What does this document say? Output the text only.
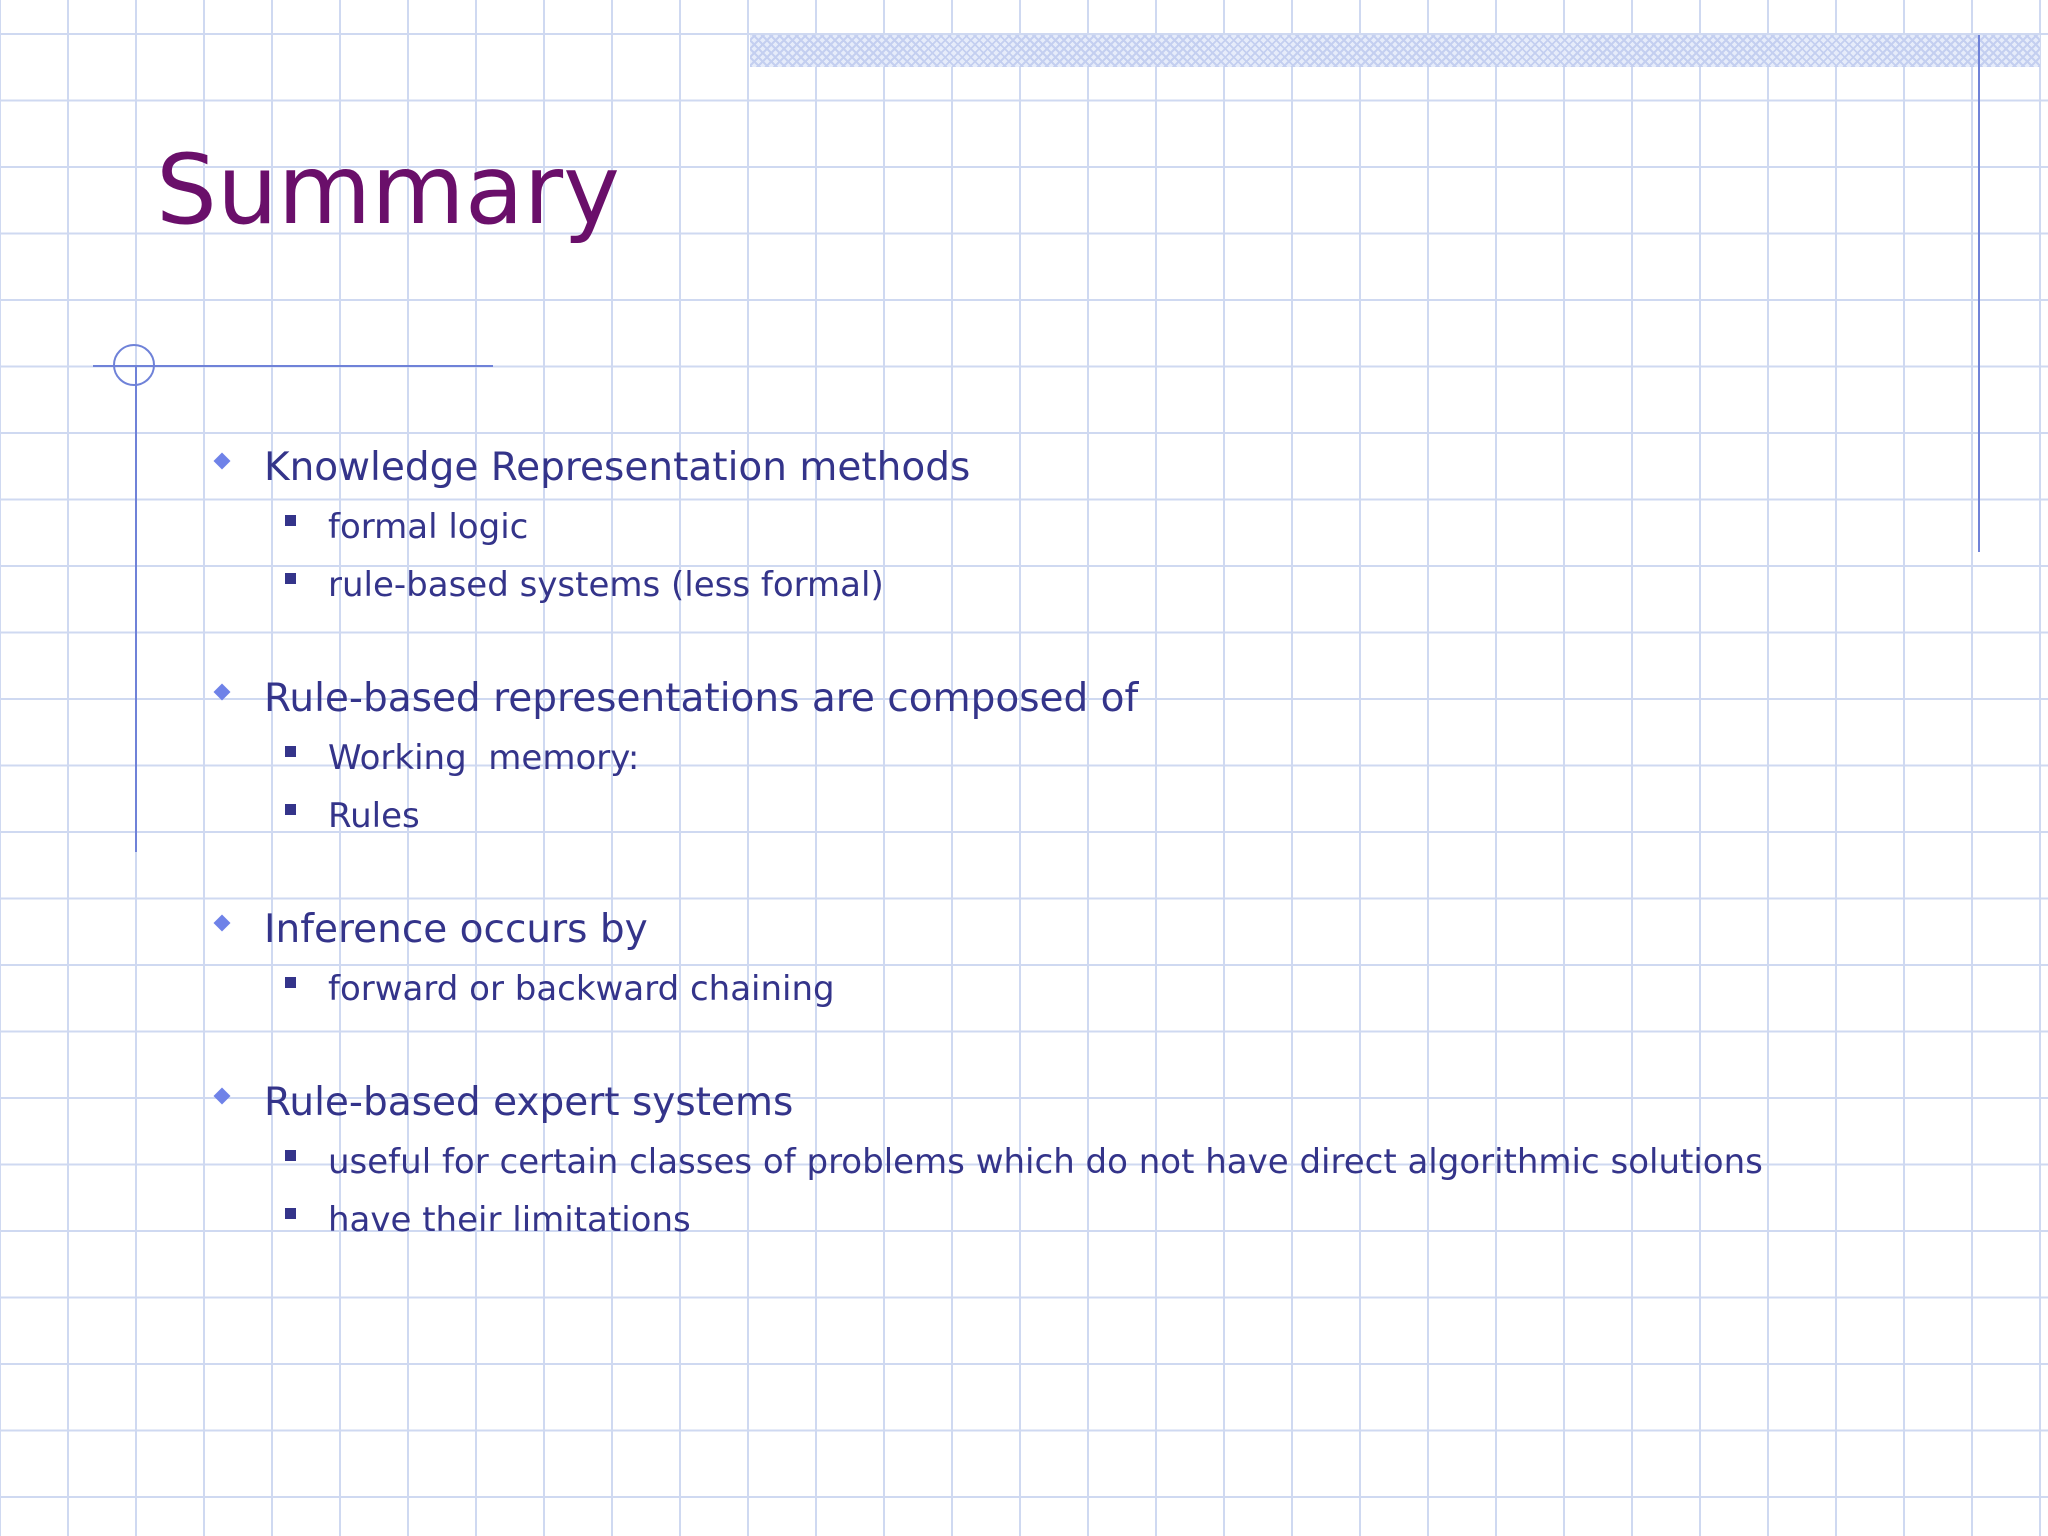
Summary
Knowledge Representation methods
formal logic
rule-based systems (less formal)
Rule-based representations are composed of
Working  memory:
Rules
Inference occurs by
forward or backward chaining
Rule-based expert systems
useful for certain classes of problems which do not have direct algorithmic solutions
have their limitations
